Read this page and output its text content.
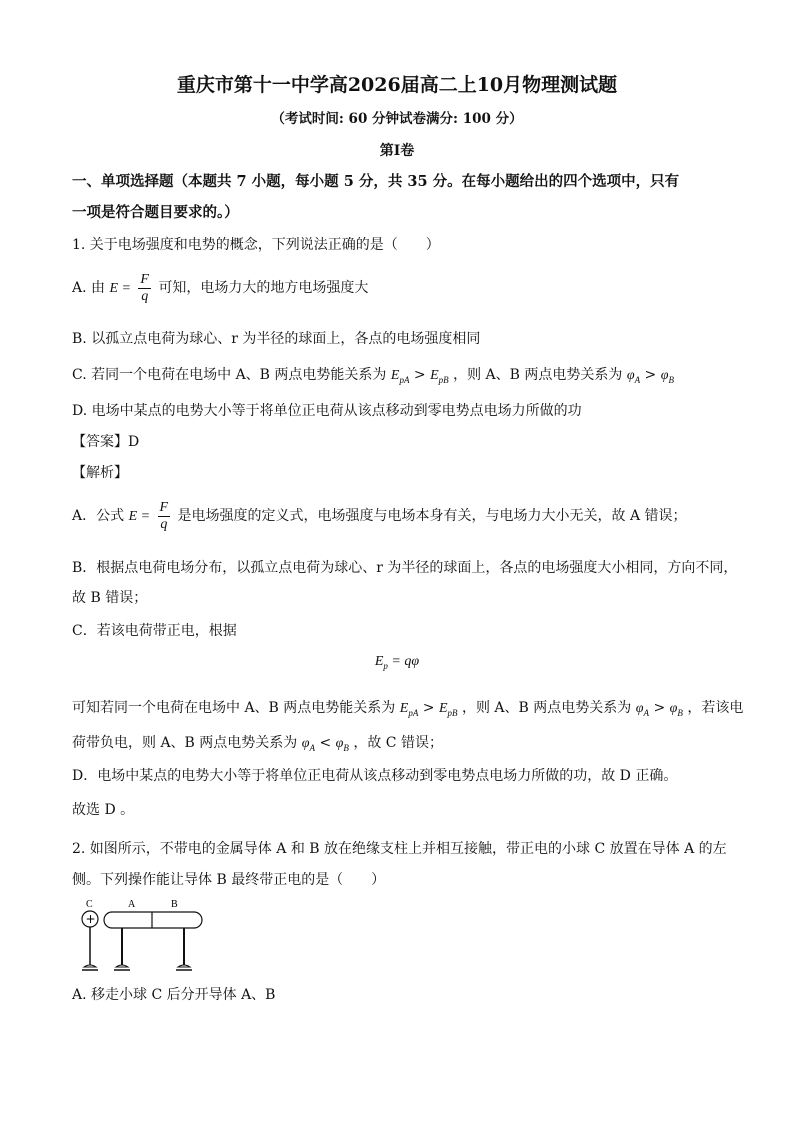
重庆市第十一中学高2026届高二上10月物理测试题
（考试时间: 60 分钟试卷满分: 100 分）
第Ⅰ卷
一、单项选择题（本题共 7 小题，每小题 5 分，共 35 分。在每小题给出的四个选项中，只有
一项是符合题目要求的。）
1. 关于电场强度和电势的概念，下列说法正确的是（　　）
A. 由 $E = \frac{F}{q}$ 可知，电场力大的地方电场强度大
B. 以孤立点电荷为球心、r 为半径的球面上，各点的电场强度相同
C. 若同一个电荷在电场中 A、B 两点电势能关系为 $E_{pA} > E_{pB}$ ，则 A、B 两点电势关系为 $\varphi_A > \varphi_B$
D. 电场中某点的电势大小等于将单位正电荷从该点移动到零电势点电场力所做的功
【答案】D
【解析】
A．公式 $E = \frac{F}{q}$ 是电场强度的定义式，电场强度与电场本身有关，与电场力大小无关，故 A 错误；
B．根据点电荷电场分布，以孤立点电荷为球心、r 为半径的球面上，各点的电场强度大小相同，方向不同，
故 B 错误；
C．若该电荷带正电，根据
$E_p = q\varphi$
可知若同一个电荷在电场中 A、B 两点电势能关系为 $E_{pA} > E_{pB}$ ，则 A、B 两点电势关系为 $\varphi_A > \varphi_B$ ，若该电
荷带负电，则 A、B 两点电势关系为 $\varphi_A < \varphi_B$ ，故 C 错误；
D．电场中某点的电势大小等于将单位正电荷从该点移动到零电势点电场力所做的功，故 D 正确。
故选 D 。
2. 如图所示，不带电的金属导体 A 和 B 放在绝缘支柱上并相互接触，带正电的小球 C 放置在导体 A 的左
侧。下列操作能让导体 B 最终带正电的是（　　）
C	A	B
+
A. 移走小球 C 后分开导体 A、B
